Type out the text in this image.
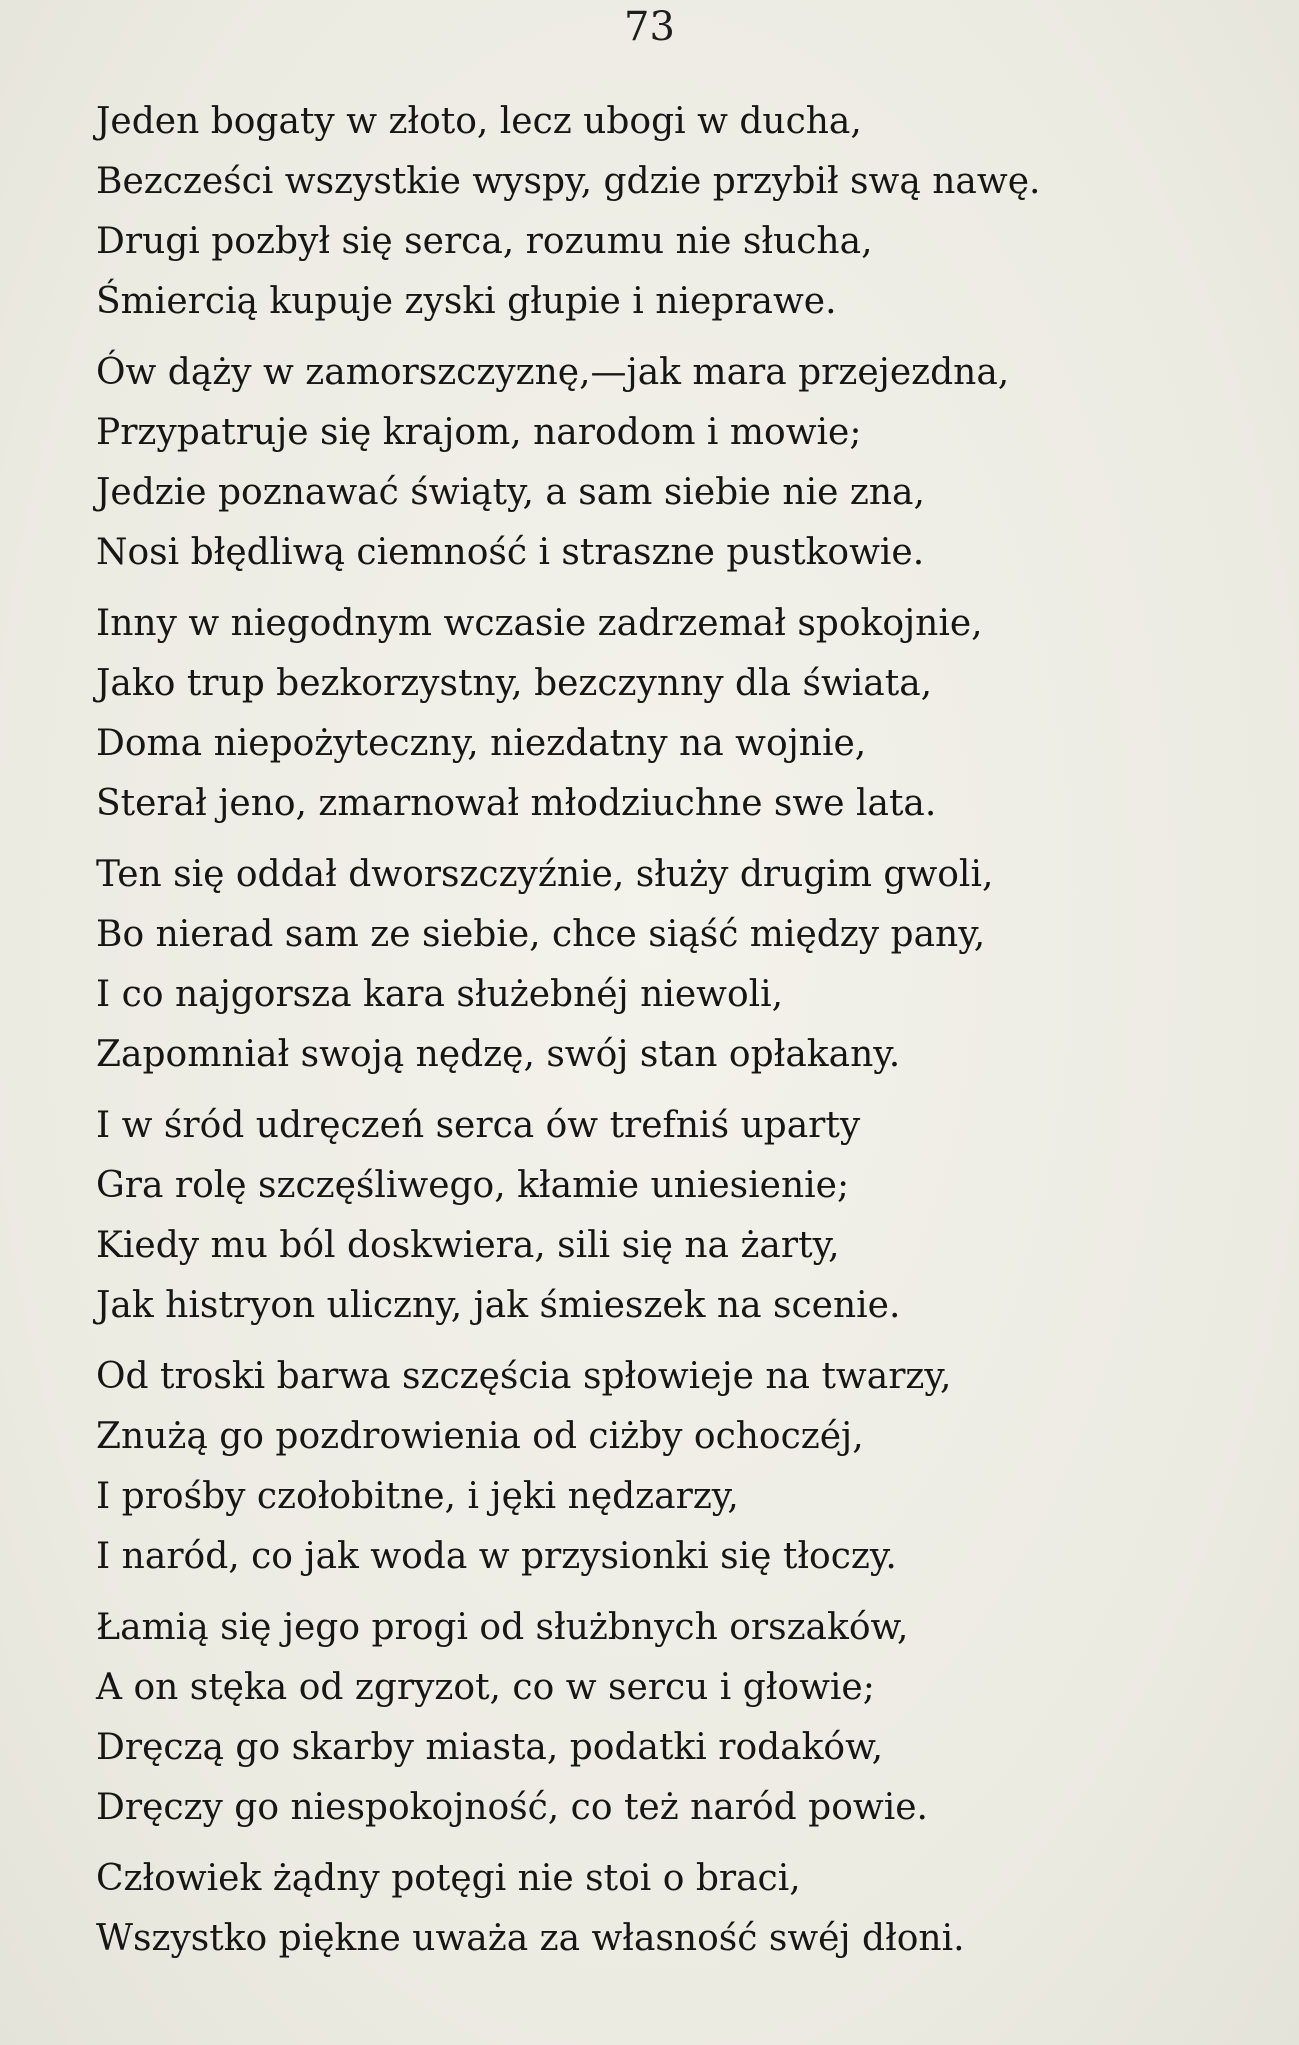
73
Jeden bogaty w złoto, lecz ubogi w ducha,
Bezcześci wszystkie wyspy, gdzie przybił swą nawę.
Drugi pozbył się serca, rozumu nie słucha,
Śmiercią kupuje zyski głupie i nieprawe.
Ów dąży w zamorszczyznę,—jak mara przejezdna,
Przypatruje się krajom, narodom i mowie;
Jedzie poznawać świąty, a sam siebie nie zna,
Nosi błędliwą ciemność i straszne pustkowie.
Inny w niegodnym wczasie zadrzemał spokojnie,
Jako trup bezkorzystny, bezczynny dla świata,
Doma niepożyteczny, niezdatny na wojnie,
Sterał jeno, zmarnował młodziuchne swe lata.
Ten się oddał dworszczyźnie, służy drugim gwoli,
Bo nierad sam ze siebie, chce siąść między pany,
I co najgorsza kara służebnéj niewoli,
Zapomniał swoją nędzę, swój stan opłakany.
I w śród udręczeń serca ów trefniś uparty
Gra rolę szczęśliwego, kłamie uniesienie;
Kiedy mu ból doskwiera, sili się na żarty,
Jak histryon uliczny, jak śmieszek na scenie.
Od troski barwa szczęścia spłowieje na twarzy,
Znużą go pozdrowienia od ciżby ochoczéj,
I prośby czołobitne, i jęki nędzarzy,
I naród, co jak woda w przysionki się tłoczy.
Łamią się jego progi od służbnych orszaków,
A on stęka od zgryzot, co w sercu i głowie;
Dręczą go skarby miasta, podatki rodaków,
Dręczy go niespokojność, co też naród powie.
Człowiek żądny potęgi nie stoi o braci,
Wszystko piękne uważa za własność swéj dłoni.
